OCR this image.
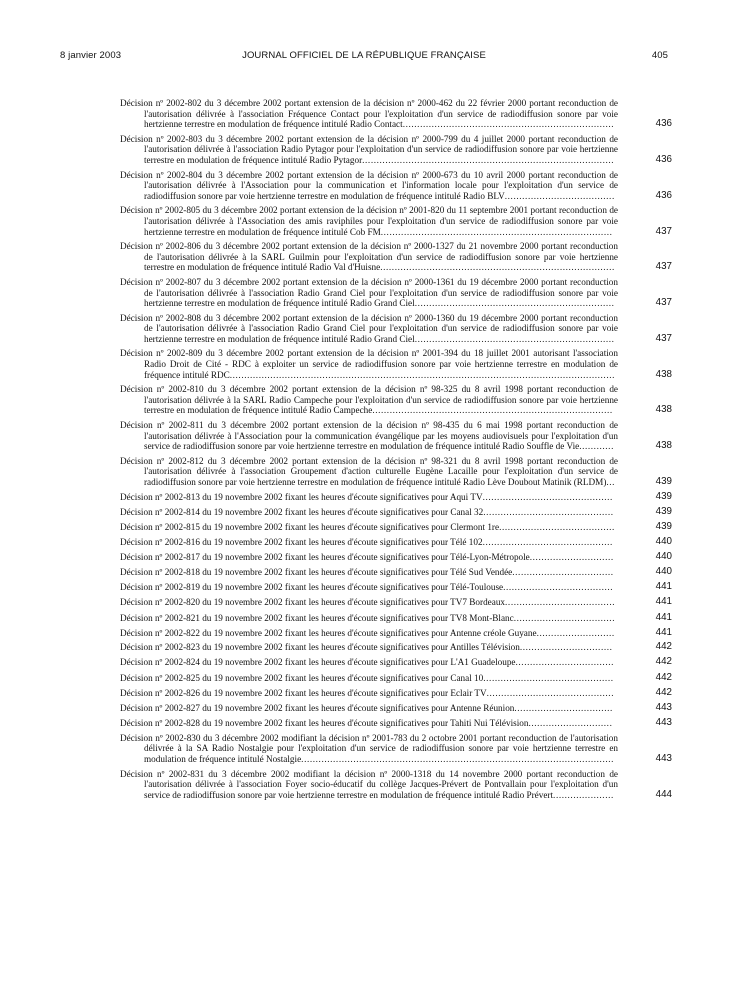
8 janvier 2003	JOURNAL OFFICIEL DE LA RÉPUBLIQUE FRANÇAISE	405
Décision nº 2002-802 du 3 décembre 2002 portant extension de la décision nº 2000-462 du 22 février 2000 portant reconduction de l'autorisation délivrée à l'association Fréquence Contact pour l'exploitation d'un service de radiodiffusion sonore par voie hertzienne terrestre en modulation de fréquence intitulé Radio Contact.........................................................................	436
Décision nº 2002-803 du 3 décembre 2002 portant extension de la décision nº 2000-799 du 4 juillet 2000 portant reconduction de l'autorisation délivrée à l'association Radio Pytagor pour l'exploitation d'un service de radiodiffusion sonore par voie hertzienne terrestre en modulation de fréquence intitulé Radio Pytagor.......................................................................................	436
Décision nº 2002-804 du 3 décembre 2002 portant extension de la décision nº 2000-673 du 10 avril 2000 portant reconduction de l'autorisation délivrée à l'Association pour la communication et l'information locale pour l'exploitation d'un service de radiodiffusion sonore par voie hertzienne terrestre en modulation de fréquence intitulé Radio BLV......................................	436
Décision nº 2002-805 du 3 décembre 2002 portant extension de la décision nº 2001-820 du 11 septembre 2001 portant reconduction de l'autorisation délivrée à l'Association des amis raviphiles pour l'exploitation d'un service de radiodiffusion sonore par voie hertzienne terrestre en modulation de fréquence intitulé Cob FM................................................................................	437
Décision nº 2002-806 du 3 décembre 2002 portant extension de la décision nº 2000-1327 du 21 novembre 2000 portant reconduction de l'autorisation délivrée à la SARL Guilmin pour l'exploitation d'un service de radiodiffusion sonore par voie hertzienne terrestre en modulation de fréquence intitulé Radio Val d'Huisne.................................................................................	437
Décision nº 2002-807 du 3 décembre 2002 portant extension de la décision nº 2000-1361 du 19 décembre 2000 portant reconduction de l'autorisation délivrée à l'association Radio Grand Ciel pour l'exploitation d'un service de radiodiffusion sonore par voie hertzienne terrestre en modulation de fréquence intitulé Radio Grand Ciel.....................................................................	437
Décision nº 2002-808 du 3 décembre 2002 portant extension de la décision nº 2000-1360 du 19 décembre 2000 portant reconduction de l'autorisation délivrée à l'association Radio Grand Ciel pour l'exploitation d'un service de radiodiffusion sonore par voie hertzienne terrestre en modulation de fréquence intitulé Radio Grand Ciel.....................................................................	437
Décision nº 2002-809 du 3 décembre 2002 portant extension de la décision nº 2001-394 du 18 juillet 2001 autorisant l'association Radio Droit de Cité - RDC à exploiter un service de radiodiffusion sonore par voie hertzienne terrestre en modulation de fréquence intitulé RDC.....................................................................................................................................	438
Décision nº 2002-810 du 3 décembre 2002 portant extension de la décision nº 98-325 du 8 avril 1998 portant reconduction de l'autorisation délivrée à la SARL Radio Campeche pour l'exploitation d'un service de radiodiffusion sonore par voie hertzienne terrestre en modulation de fréquence intitulé Radio Campeche...................................................................................	438
Décision nº 2002-811 du 3 décembre 2002 portant extension de la décision nº 98-435 du 6 mai 1998 portant reconduction de l'autorisation délivrée à l'Association pour la communication évangélique par les moyens audiovisuels pour l'exploitation d'un service de radiodiffusion sonore par voie hertzienne terrestre en modulation de fréquence intitulé Radio Souffle de Vie............	438
Décision nº 2002-812 du 3 décembre 2002 portant extension de la décision nº 98-321 du 8 avril 1998 portant reconduction de l'autorisation délivrée à l'association Groupement d'action culturelle Eugène Lacaille pour l'exploitation d'un service de radiodiffusion sonore par voie hertzienne terrestre en modulation de fréquence intitulé Radio Lève Doubout Matinik (RLDM)...	439
Décision nº 2002-813 du 19 novembre 2002 fixant les heures d'écoute significatives pour Aqui TV.............................................	439
Décision nº 2002-814 du 19 novembre 2002 fixant les heures d'écoute significatives pour Canal 32.............................................	439
Décision nº 2002-815 du 19 novembre 2002 fixant les heures d'écoute significatives pour Clermont 1re........................................	439
Décision nº 2002-816 du 19 novembre 2002 fixant les heures d'écoute significatives pour Télé 102.............................................	440
Décision nº 2002-817 du 19 novembre 2002 fixant les heures d'écoute significatives pour Télé-Lyon-Métropole.............................	440
Décision nº 2002-818 du 19 novembre 2002 fixant les heures d'écoute significatives pour Télé Sud Vendée...................................	440
Décision nº 2002-819 du 19 novembre 2002 fixant les heures d'écoute significatives pour Télé-Toulouse......................................	441
Décision nº 2002-820 du 19 novembre 2002 fixant les heures d'écoute significatives pour TV7 Bordeaux......................................	441
Décision nº 2002-821 du 19 novembre 2002 fixant les heures d'écoute significatives pour TV8 Mont-Blanc...................................	441
Décision nº 2002-822 du 19 novembre 2002 fixant les heures d'écoute significatives pour Antenne créole Guyane...........................	441
Décision nº 2002-823 du 19 novembre 2002 fixant les heures d'écoute significatives pour Antilles Télévision................................	442
Décision nº 2002-824 du 19 novembre 2002 fixant les heures d'écoute significatives pour L'A1 Guadeloupe..................................	442
Décision nº 2002-825 du 19 novembre 2002 fixant les heures d'écoute significatives pour Canal 10.............................................	442
Décision nº 2002-826 du 19 novembre 2002 fixant les heures d'écoute significatives pour Eclair TV............................................	442
Décision nº 2002-827 du 19 novembre 2002 fixant les heures d'écoute significatives pour Antenne Réunion..................................	443
Décision nº 2002-828 du 19 novembre 2002 fixant les heures d'écoute significatives pour Tahiti Nui Télévision.............................	443
Décision nº 2002-830 du 3 décembre 2002 modifiant la décision nº 2001-783 du 2 octobre 2001 portant reconduction de l'autorisation délivrée à la SA Radio Nostalgie pour l'exploitation d'un service de radiodiffusion sonore par voie hertzienne terrestre en modulation de fréquence intitulé Nostalgie............................................................................................................	443
Décision nº 2002-831 du 3 décembre 2002 modifiant la décision nº 2000-1318 du 14 novembre 2000 portant reconduction de l'autorisation délivrée à l'association Foyer socio-éducatif du collège Jacques-Prévert de Pontvallain pour l'exploitation d'un service de radiodiffusion sonore par voie hertzienne terrestre en modulation de fréquence intitulé Radio Prévert.....................	444
